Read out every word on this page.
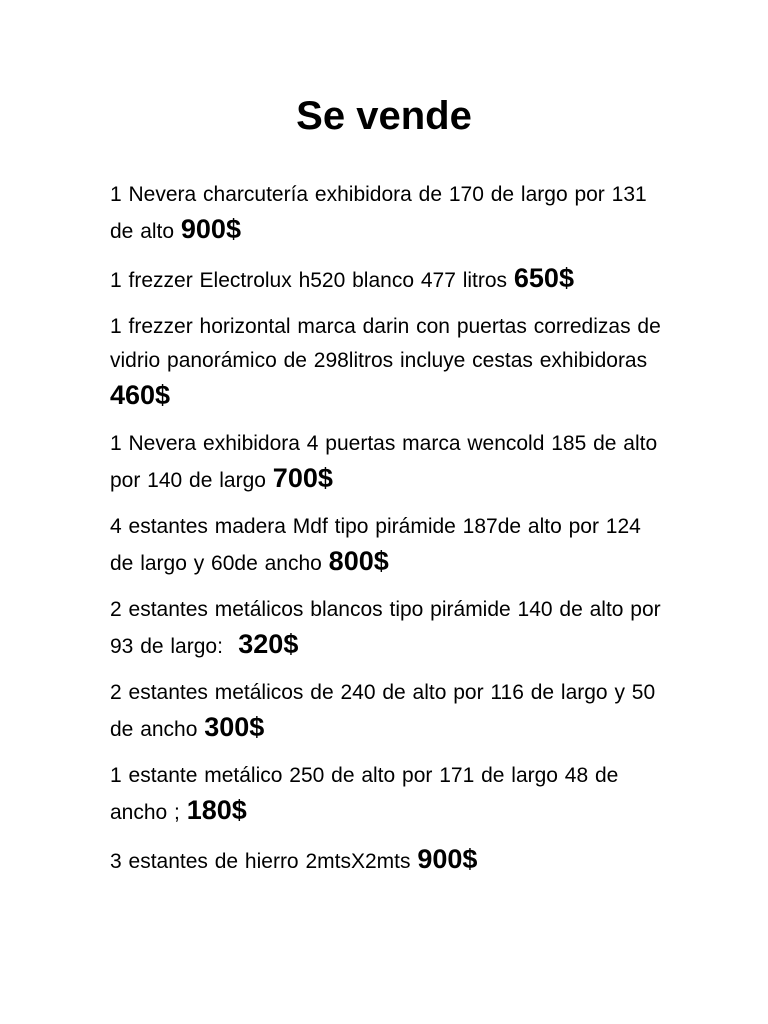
Se vende
1 Nevera charcutería exhibidora de 170 de largo por 131 de alto 900$
1 frezzer Electrolux h520 blanco 477 litros 650$
1 frezzer horizontal marca darin con puertas corredizas de vidrio panorámico de 298litros incluye cestas exhibidoras 460$
1 Nevera exhibidora 4 puertas marca wencold 185 de alto por 140 de largo 700$
4 estantes madera Mdf tipo pirámide 187de alto por 124 de largo y 60de ancho 800$
2 estantes metálicos blancos tipo pirámide 140 de alto por 93 de largo:  320$
2 estantes metálicos de 240 de alto por 116 de largo y 50 de ancho 300$
1 estante metálico 250 de alto por 171 de largo 48 de ancho ; 180$
3 estantes de hierro 2mtsX2mts 900$
